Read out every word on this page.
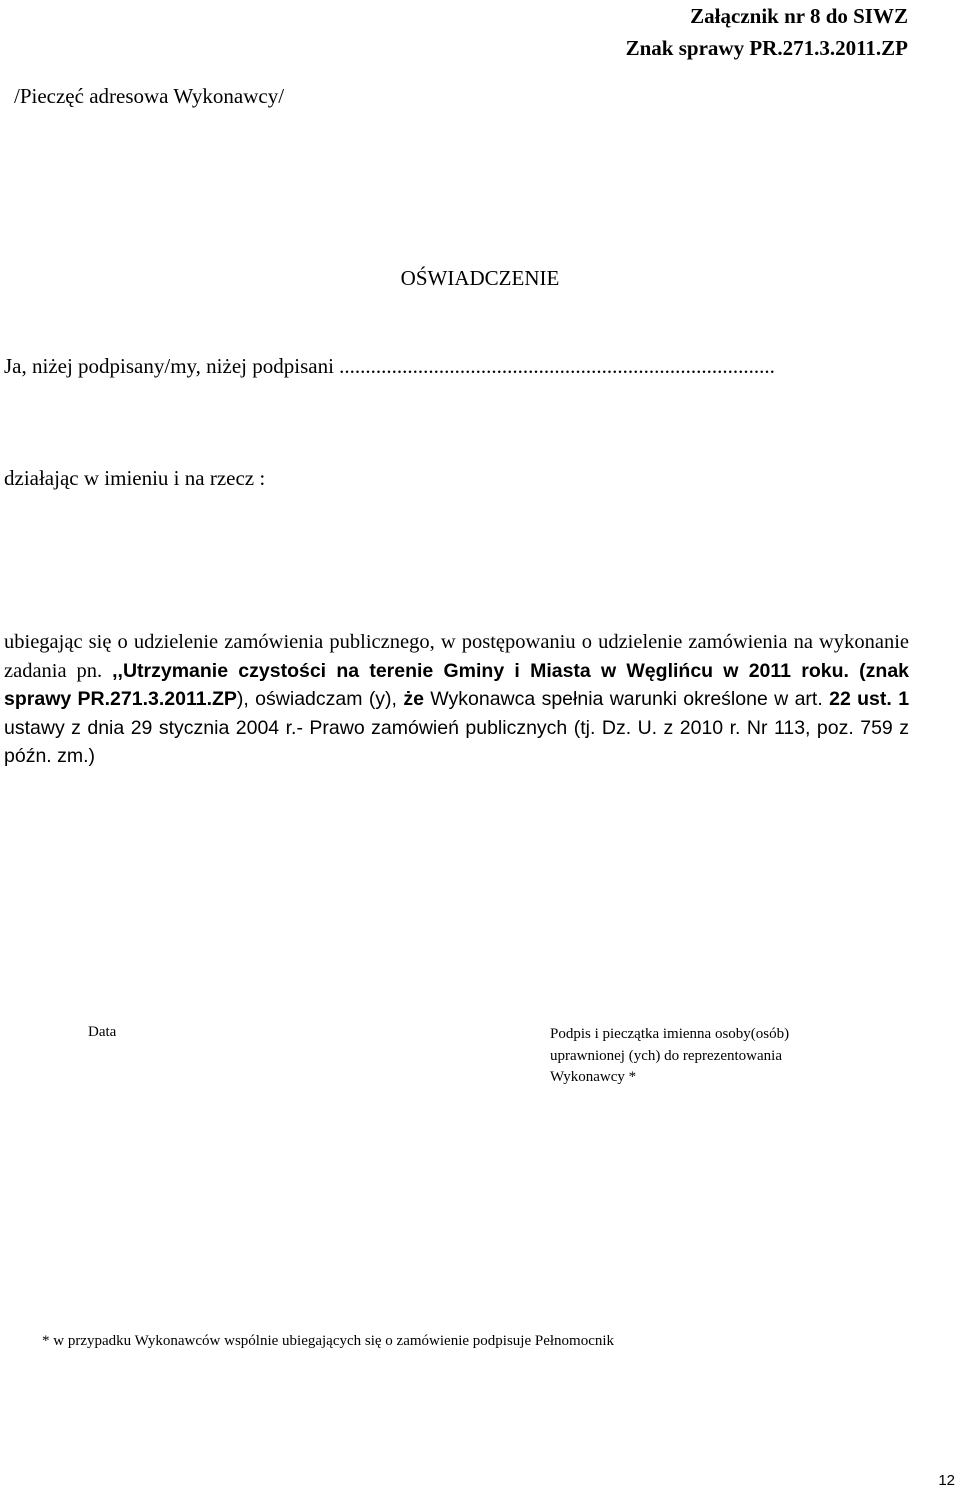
Załącznik nr 8 do SIWZ
Znak sprawy PR.271.3.2011.ZP
/Pieczęć adresowa Wykonawcy/
OŚWIADCZENIE
Ja, niżej podpisany/my, niżej podpisani ...................................................................................
działając w imieniu i na rzecz :
ubiegając się o udzielenie zamówienia publicznego, w postępowaniu o udzielenie zamówienia na wykonanie zadania pn. ,,Utrzymanie czystości na terenie Gminy i Miasta w Węglińcu w 2011 roku. (znak sprawy PR.271.3.2011.ZP), oświadczam (y), że Wykonawca spełnia warunki określone w art. 22 ust. 1 ustawy z dnia 29 stycznia 2004 r.- Prawo zamówień publicznych (tj. Dz. U. z 2010 r. Nr 113, poz. 759 z późn. zm.)
Data	Podpis i pieczątka imienna osoby(osób)
uprawnionej (ych) do reprezentowania
Wykonawcy *
* w przypadku Wykonawców wspólnie ubiegających się o zamówienie podpisuje Pełnomocnik
12
